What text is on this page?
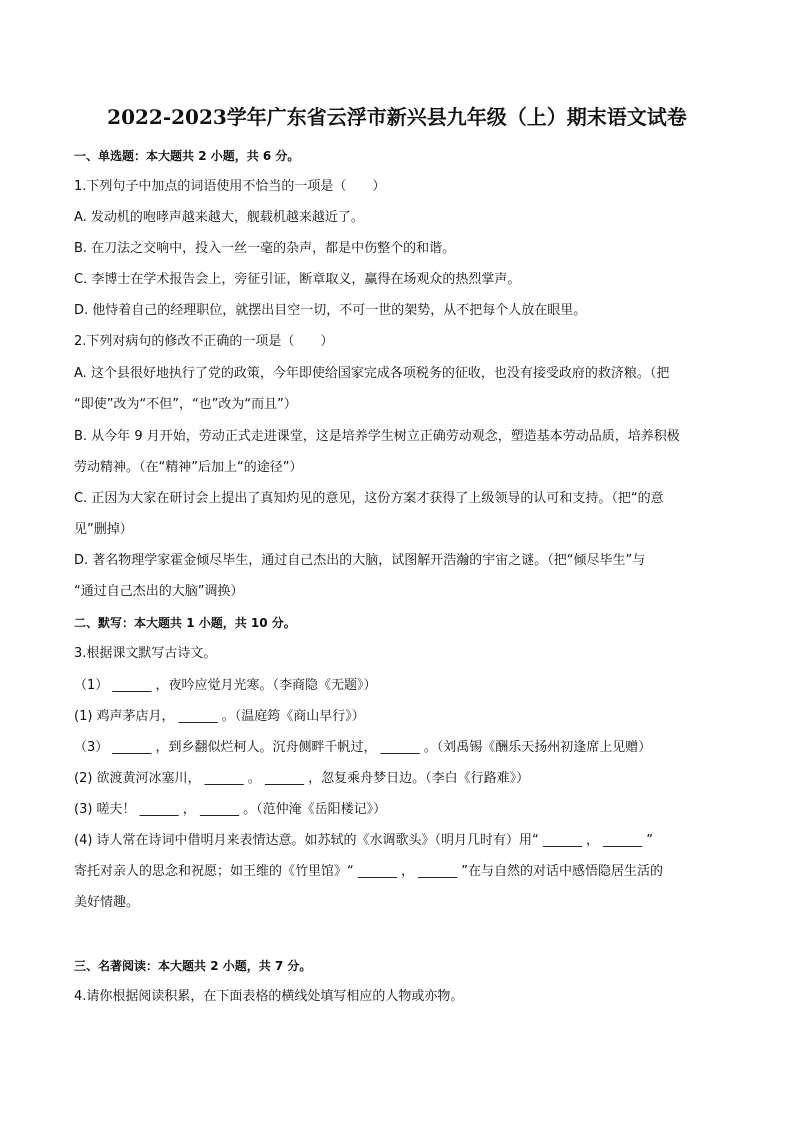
2022-2023学年广东省云浮市新兴县九年级（上）期末语文试卷
一、单选题：本大题共 2 小题，共 6 分。
1.下列句子中加点的词语使用不恰当的一项是（　　）
A. 发动机的咆哮声越来越大，舰载机越来越近了。
B. 在刀法之交响中，投入一丝一毫的杂声，都是中伤整个的和谐。
C. 李博士在学术报告会上，旁征引证，断章取义，赢得在场观众的热烈掌声。
D. 他恃着自己的经理职位，就摆出目空一切，不可一世的架势，从不把每个人放在眼里。
2.下列对病句的修改不正确的一项是（　　）
A. 这个县很好地执行了党的政策，今年即使给国家完成各项税务的征收，也没有接受政府的救济粮。（把
“即使”改为“不但”，“也”改为“而且”）
B. 从今年 9 月开始，劳动正式走进课堂，这是培养学生树立正确劳动观念，塑造基本劳动品质，培养积极
劳动精神。（在“精神”后加上“的途径”）
C. 正因为大家在研讨会上提出了真知灼见的意见，这份方案才获得了上级领导的认可和支持。（把“的意
见”删掉）
D. 著名物理学家霍金倾尽毕生，通过自己杰出的大脑，试图解开浩瀚的宇宙之谜。（把“倾尽毕生”与
“通过自己杰出的大脑”调换）
二、默写：本大题共 1 小题，共 10 分。
3.根据课文默写古诗文。
（1） ______ ，夜吟应觉月光寒。（李商隐《无题》）
(1) 鸡声茅店月， ______ 。（温庭筠《商山早行》）
（3） ______ ，到乡翻似烂柯人。沉舟侧畔千帆过， ______ 。（刘禹锡《酬乐天扬州初逢席上见赠）
(2) 欲渡黄河冰塞川， ______ 。 ______ ，忽复乘舟梦日边。（李白《行路难》）
(3) 嗟夫！ ______ ， ______ 。（范仲淹《岳阳楼记》）
(4) 诗人常在诗词中借明月来表情达意。如苏轼的《水调歌头》（明月几时有）用“ ______ ， ______ ”
寄托对亲人的思念和祝愿；如王维的《竹里馆》“ ______ ， ______ ”在与自然的对话中感悟隐居生活的
美好情趣。
三、名著阅读：本大题共 2 小题，共 7 分。
4.请你根据阅读积累，在下面表格的横线处填写相应的人物或亦物。
